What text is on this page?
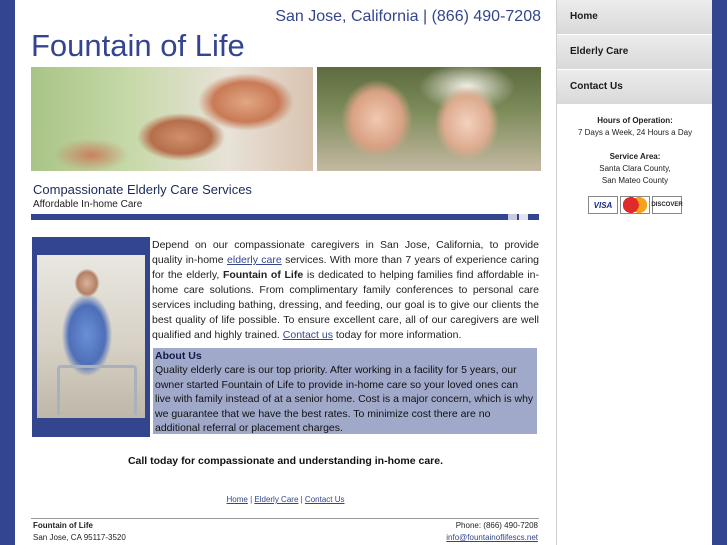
San Jose, California | (866) 490-7208
Fountain of Life
Compassionate Elderly Care Services
Affordable In-home Care
Depend on our compassionate caregivers in San Jose, California, to provide quality in-home elderly care services. With more than 7 years of experience caring for the elderly, Fountain of Life is dedicated to helping families find affordable in-home care solutions. From complimentary family conferences to personal care services including bathing, dressing, and feeding, our goal is to give our clients the best quality of life possible. To ensure excellent care, all of our caregivers are well qualified and highly trained. Contact us today for more information.
About Us
Quality elderly care is our top priority. After working in a facility for 5 years, our owner started Fountain of Life to provide in-home care so your loved ones can live with family instead of at a senior home. Cost is a major concern, which is why we guarantee that we have the best rates. To minimize cost there are no additional referral or placement charges.
Call today for compassionate and understanding in-home care.
Home | Elderly Care | Contact Us
Fountain of Life
San Jose, CA 95117-3520
Phone: (866) 490-7208
info@fountainoflifescs.net
Home
Elderly Care
Contact Us
Hours of Operation:
7 Days a Week, 24 Hours a Day

Service Area:
Santa Clara County,
San Mateo County
VISA	DISCOVER
